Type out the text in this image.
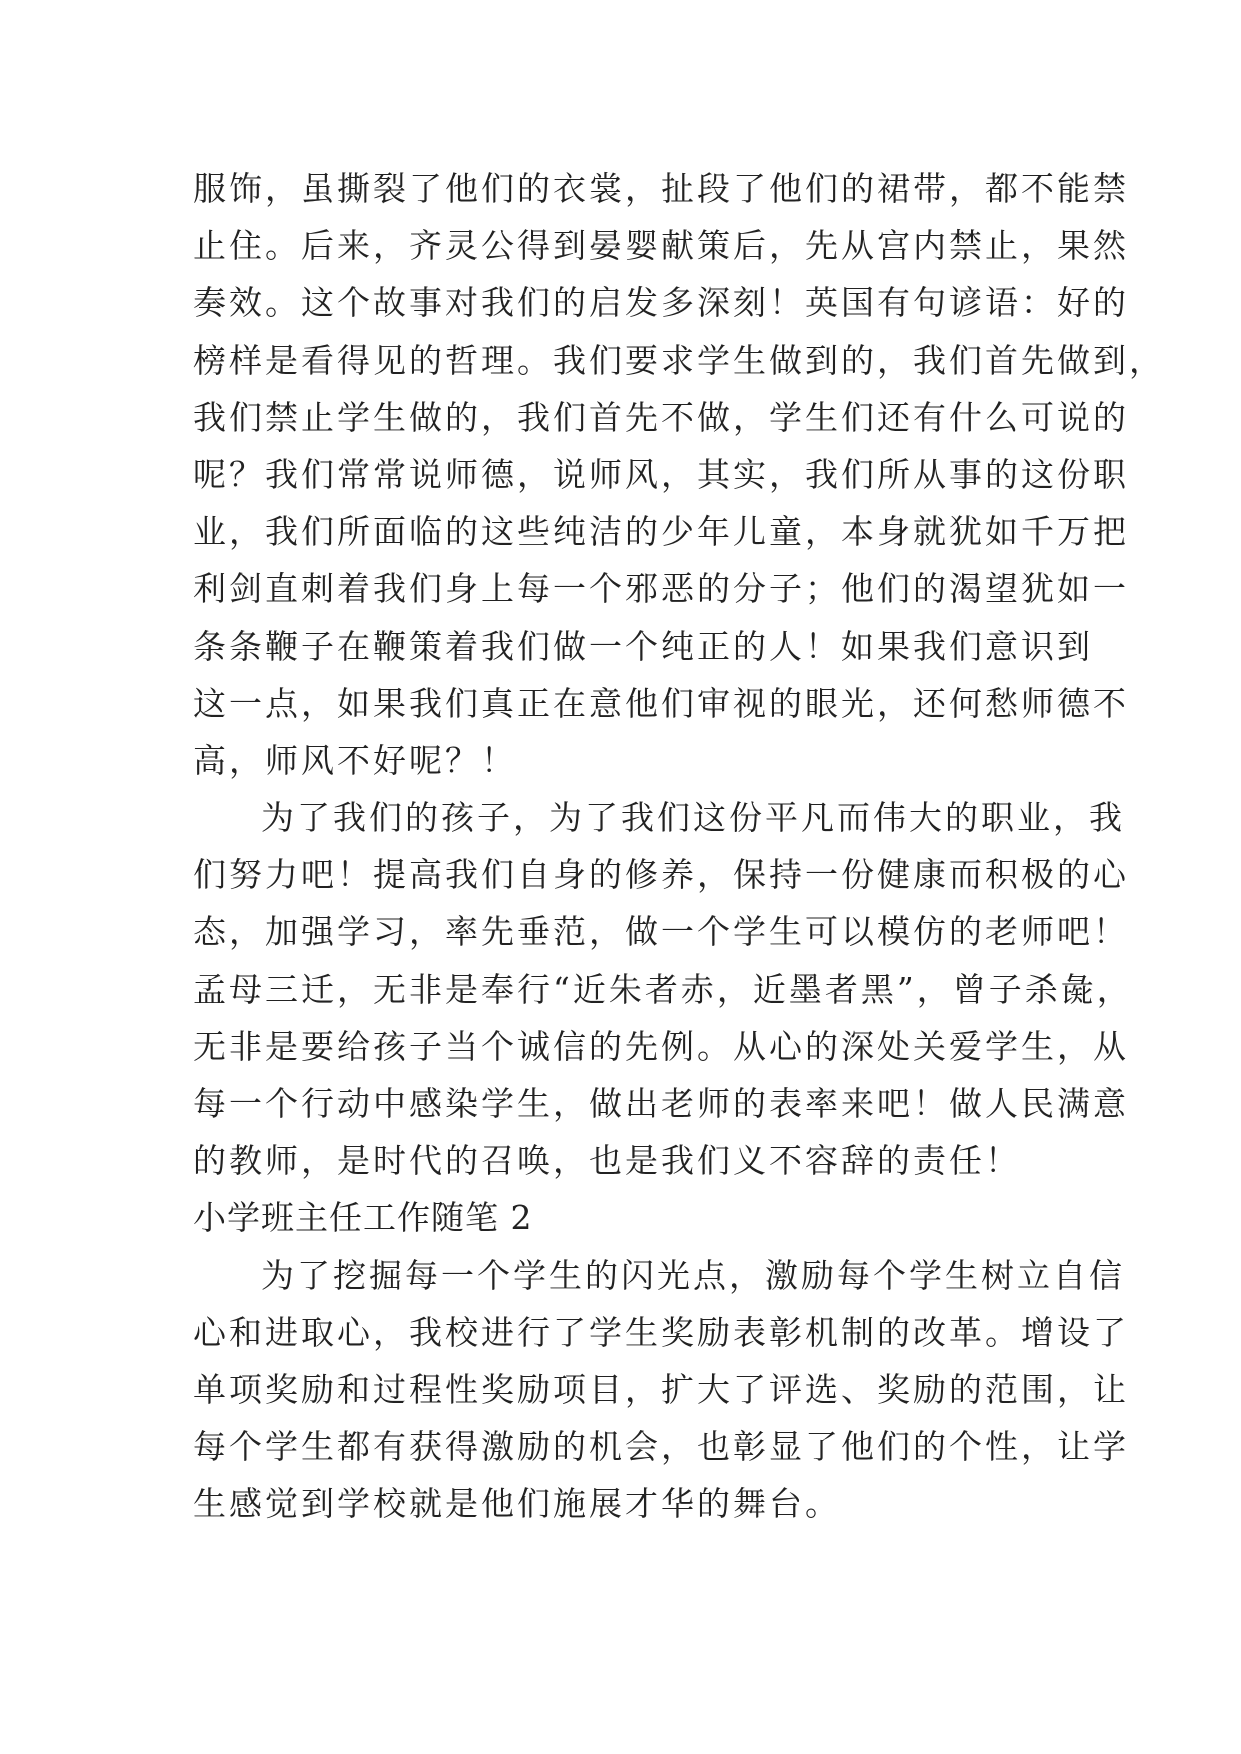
服饰，虽撕裂了他们的衣裳，扯段了他们的裙带，都不能禁
止住。后来，齐灵公得到晏婴献策后，先从宫内禁止，果然
奏效。这个故事对我们的启发多深刻！英国有句谚语：好的
榜样是看得见的哲理。我们要求学生做到的，我们首先做到，
我们禁止学生做的，我们首先不做，学生们还有什么可说的
呢？我们常常说师德，说师风，其实，我们所从事的这份职
业，我们所面临的这些纯洁的少年儿童，本身就犹如千万把
利剑直刺着我们身上每一个邪恶的分子；他们的渴望犹如一
条条鞭子在鞭策着我们做一个纯正的人！如果我们意识到
这一点，如果我们真正在意他们审视的眼光，还何愁师德不
高，师风不好呢？！
为了我们的孩子，为了我们这份平凡而伟大的职业，我
们努力吧！提高我们自身的修养，保持一份健康而积极的心
态，加强学习，率先垂范，做一个学生可以模仿的老师吧！
孟母三迁，无非是奉行“近朱者赤，近墨者黑”，曾子杀彘，
无非是要给孩子当个诚信的先例。从心的深处关爱学生，从
每一个行动中感染学生，做出老师的表率来吧！做人民满意
的教师，是时代的召唤，也是我们义不容辞的责任！
小学班主任工作随笔 2
为了挖掘每一个学生的闪光点，激励每个学生树立自信
心和进取心，我校进行了学生奖励表彰机制的改革。增设了
单项奖励和过程性奖励项目，扩大了评选、奖励的范围，让
每个学生都有获得激励的机会，也彰显了他们的个性，让学
生感觉到学校就是他们施展才华的舞台。
